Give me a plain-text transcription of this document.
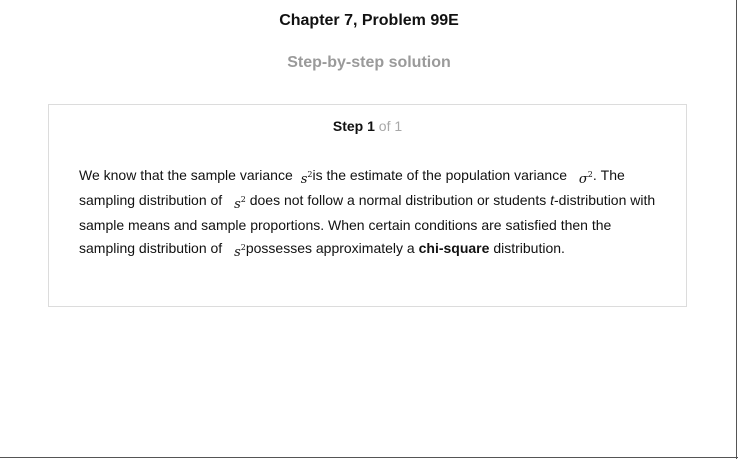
Chapter 7, Problem 99E
Step-by-step solution
Step 1 of 1
We know that the sample variance $s^2is$ the estimate of the population variance $\sigma^2$. The sampling distribution of $s^2$ does not follow a normal distribution or students t-distribution with sample means and sample proportions. When certain conditions are satisfied then the sampling distribution of $s^2possesses$ approximately a chi-square distribution.
